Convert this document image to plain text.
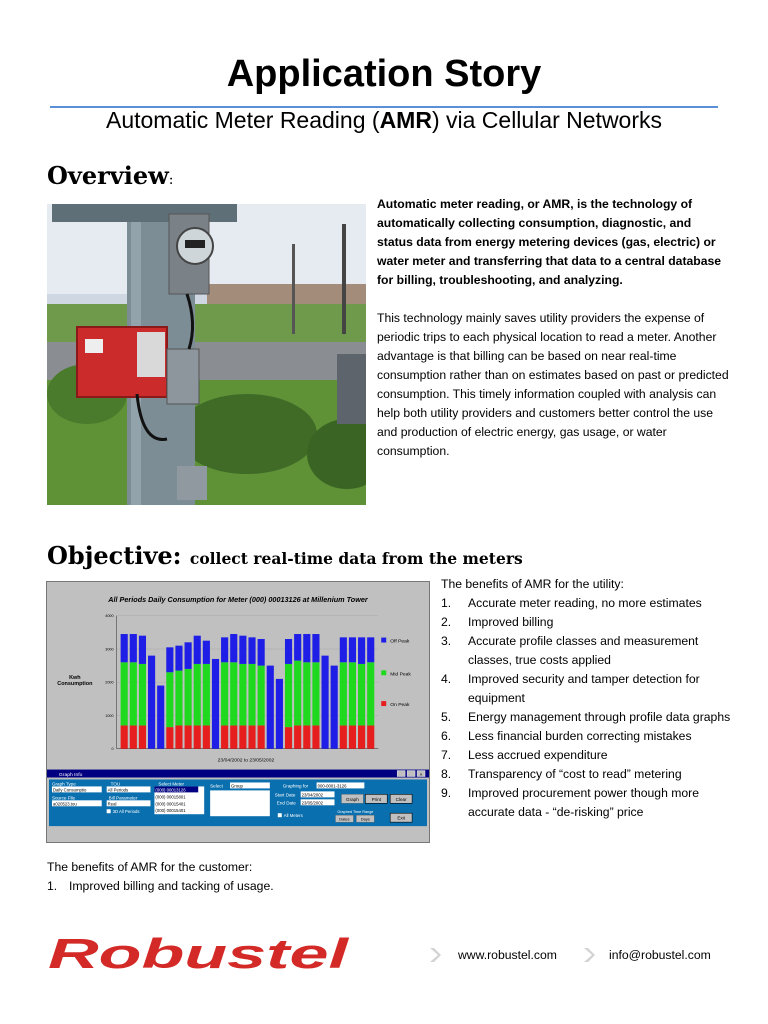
Application Story
Automatic Meter Reading (AMR) via Cellular Networks
Overview:
Automatic meter reading, or AMR, is the technology of automatically collecting consumption, diagnostic, and status data from energy metering devices (gas, electric) or water meter and transferring that data to a central database for billing, troubleshooting, and analyzing.
This technology mainly saves utility providers the expense of periodic trips to each physical location to read a meter. Another advantage is that billing can be based on near real-time consumption rather than on estimates based on past or predicted consumption. This timely information coupled with analysis can help both utility providers and customers better control the use and production of electric energy, gas usage, or water consumption.
Objective: collect real-time data from the meters
All Periods Daily Consumption for Meter (000) 00013126 at Millenium Tower
Kwh
Consumption
4000
3000
2000
1000
0
Off Peak
Mid Peak
On Peak
23/04/2002 to 23/05/2002
Graph Info	×
Graph Type
Daily Consumptio
Source File
a020523.tou
TOU
All Periods
Bill Parameter
Real
3D All Periods
Select Meter
(000) 00013126
(000) 00015801
(000) 00015401
(000) 00015401
Select Group
All Meters
Graphing for 000-0001-3126
Start Date 23/04/2002
End Date 23/05/2002
Graph	Print	Clear
Graphed Time Range
Dates	Days	Exit
The benefits of AMR for the utility:
1. Accurate meter reading, no more estimates
2. Improved billing
3. Accurate profile classes and measurement classes, true costs applied
4. Improved security and tamper detection for equipment
5. Energy management through profile data graphs
6. Less financial burden correcting mistakes
7. Less accrued expenditure
8. Transparency of “cost to read” metering
9. Improved procurement power though more accurate data - “de-risking” price
The benefits of AMR for the customer:
1. Improved billing and tacking of usage.
Robustel	www.robustel.com	info@robustel.com
